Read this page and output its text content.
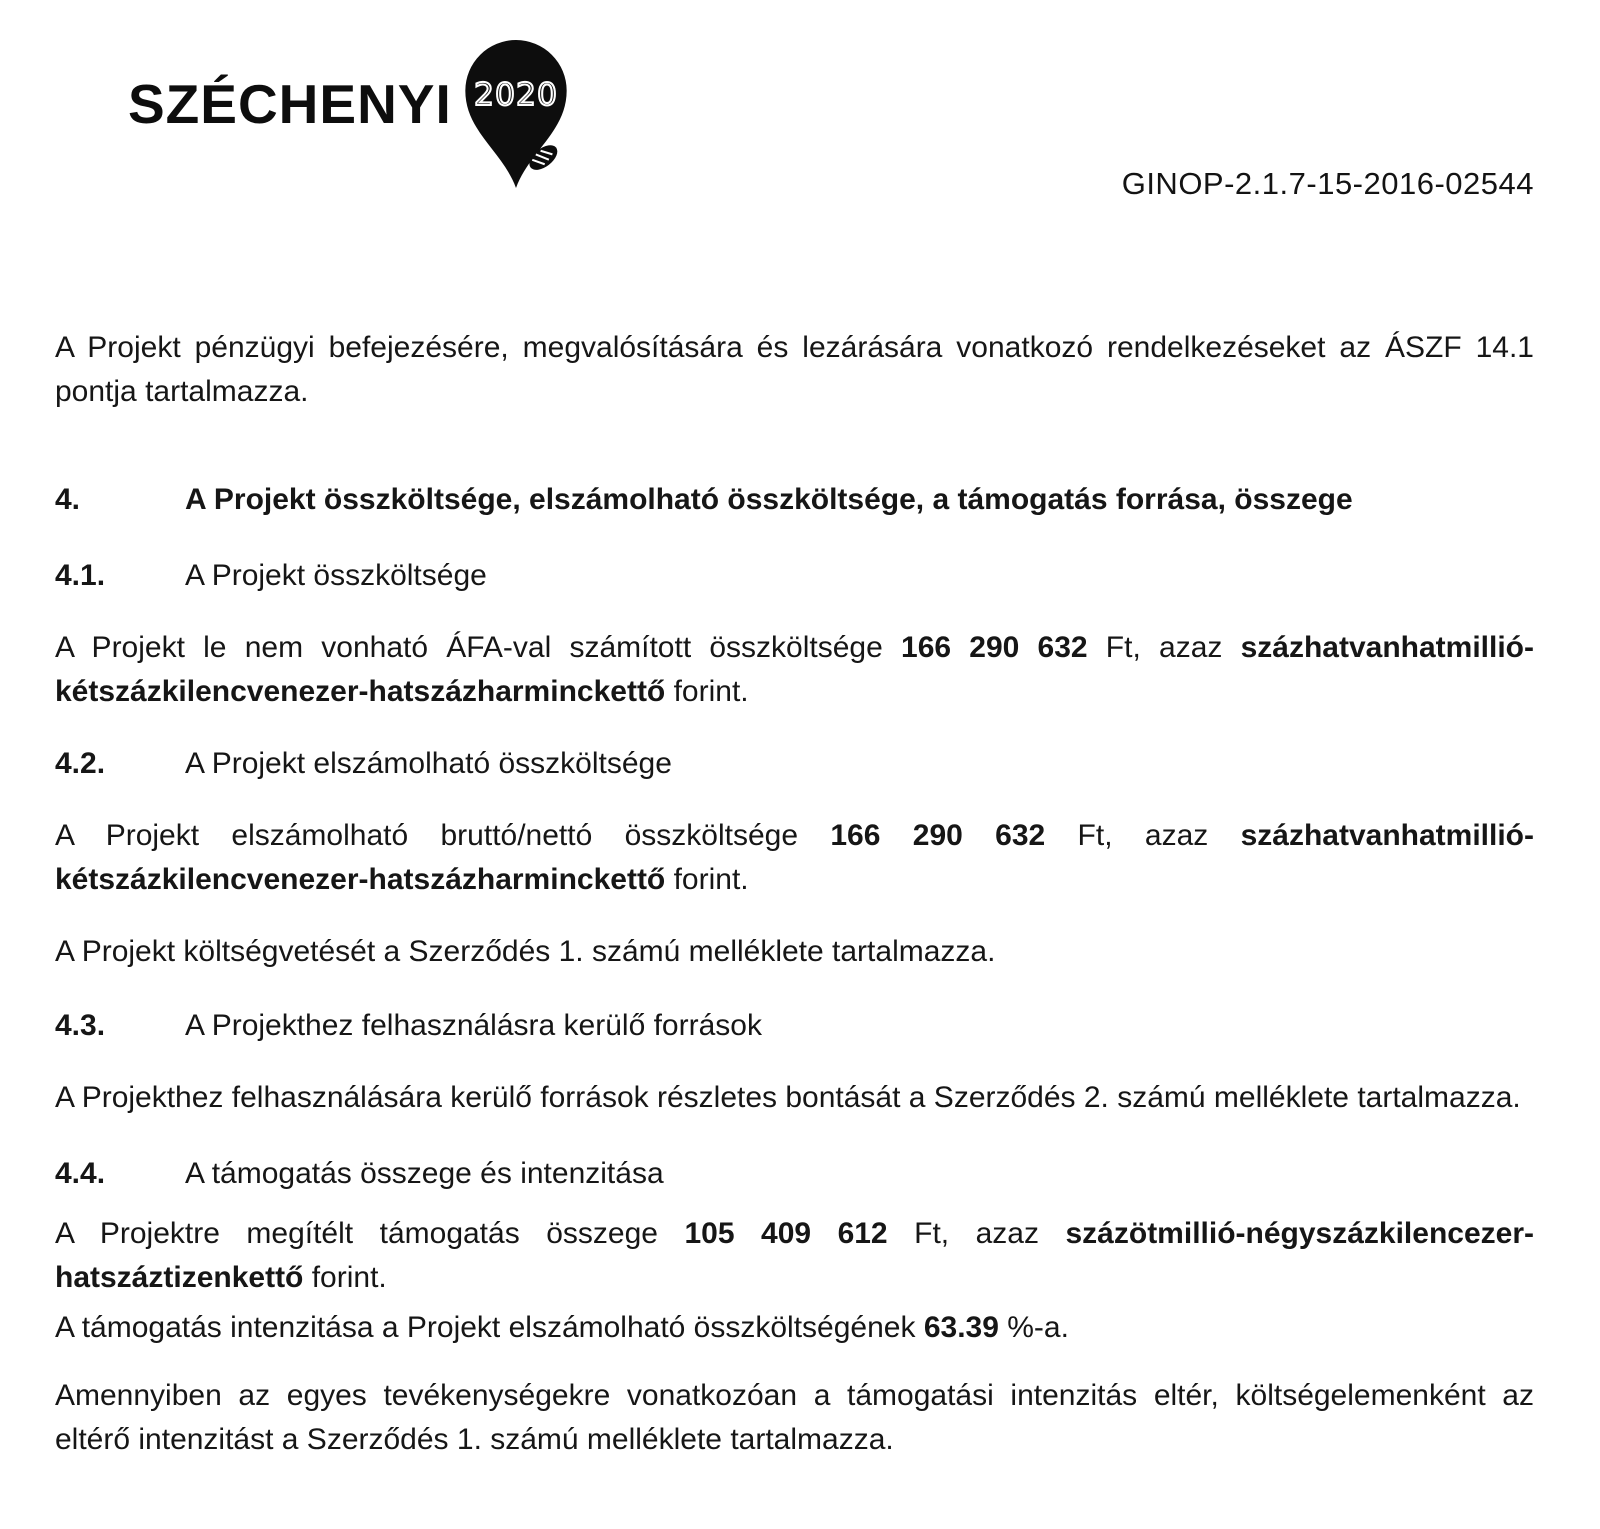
SZÉCHENYI 2020
GINOP-2.1.7-15-2016-02544

A Projekt pénzügyi befejezésére, megvalósítására és lezárására vonatkozó rendelkezéseket az ÁSZF 14.1 pontja tartalmazza.

4.	A Projekt összköltsége, elszámolható összköltsége, a támogatás forrása, összege
4.1.	A Projekt összköltsége

A Projekt le nem vonható ÁFA-val számított összköltsége 166 290 632 Ft, azaz százhatvanhatmillió-kétszázkilencvenezer-hatszázharminckettő forint.

4.2.	A Projekt elszámolható összköltsége

A Projekt elszámolható bruttó/nettó összköltsége 166 290 632 Ft, azaz százhatvanhatmillió-kétszázkilencvenezer-hatszázharminckettő forint.

A Projekt költségvetését a Szerződés 1. számú melléklete tartalmazza.

4.3.	A Projekthez felhasználásra kerülő források

A Projekthez felhasználására kerülő források részletes bontását a Szerződés 2. számú melléklete tartalmazza.

4.4.	A támogatás összege és intenzitása

A Projektre megítélt támogatás összege 105 409 612 Ft, azaz százötmillió-négyszázkilencezer-hatszáztizenkettő forint.

A támogatás intenzitása a Projekt elszámolható összköltségének 63.39 %-a.

Amennyiben az egyes tevékenységekre vonatkozóan a támogatási intenzitás eltér, költségelemenként az eltérő intenzitást a Szerződés 1. számú melléklete tartalmazza.
